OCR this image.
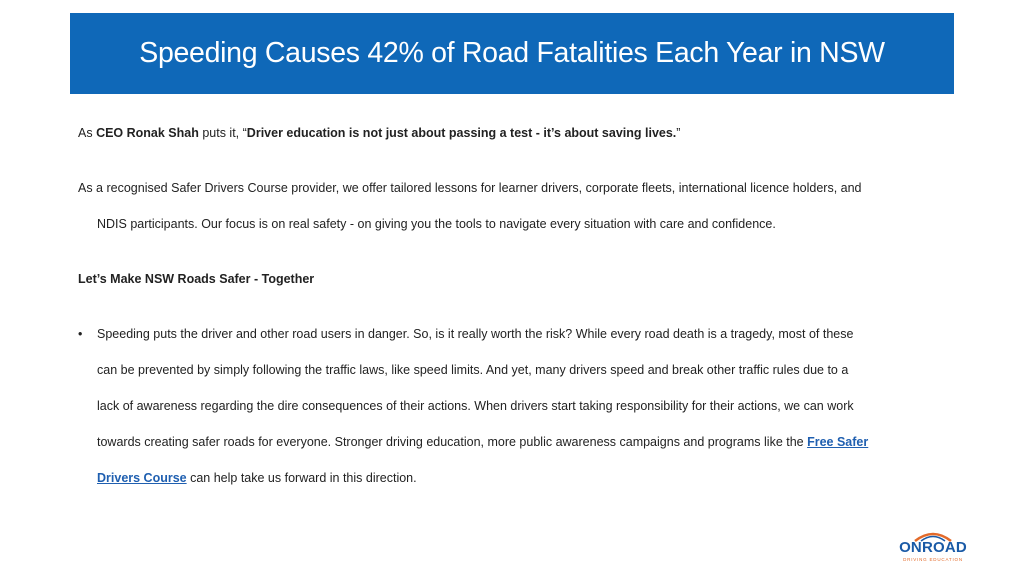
Speeding Causes 42% of Road Fatalities Each Year in NSW
As CEO Ronak Shah puts it, “Driver education is not just about passing a test - it’s about saving lives.”
As a recognised Safer Drivers Course provider, we offer tailored lessons for learner drivers, corporate fleets, international licence holders, and
NDIS participants. Our focus is on real safety - on giving you the tools to navigate every situation with care and confidence.
Let’s Make NSW Roads Safer - Together
• Speeding puts the driver and other road users in danger. So, is it really worth the risk? While every road death is a tragedy, most of these
can be prevented by simply following the traffic laws, like speed limits. And yet, many drivers speed and break other traffic rules due to a
lack of awareness regarding the dire consequences of their actions. When drivers start taking responsibility for their actions, we can work
towards creating safer roads for everyone. Stronger driving education, more public awareness campaigns and programs like the Free Safer
Drivers Course can help take us forward in this direction.
ONROAD
DRIVING EDUCATION
